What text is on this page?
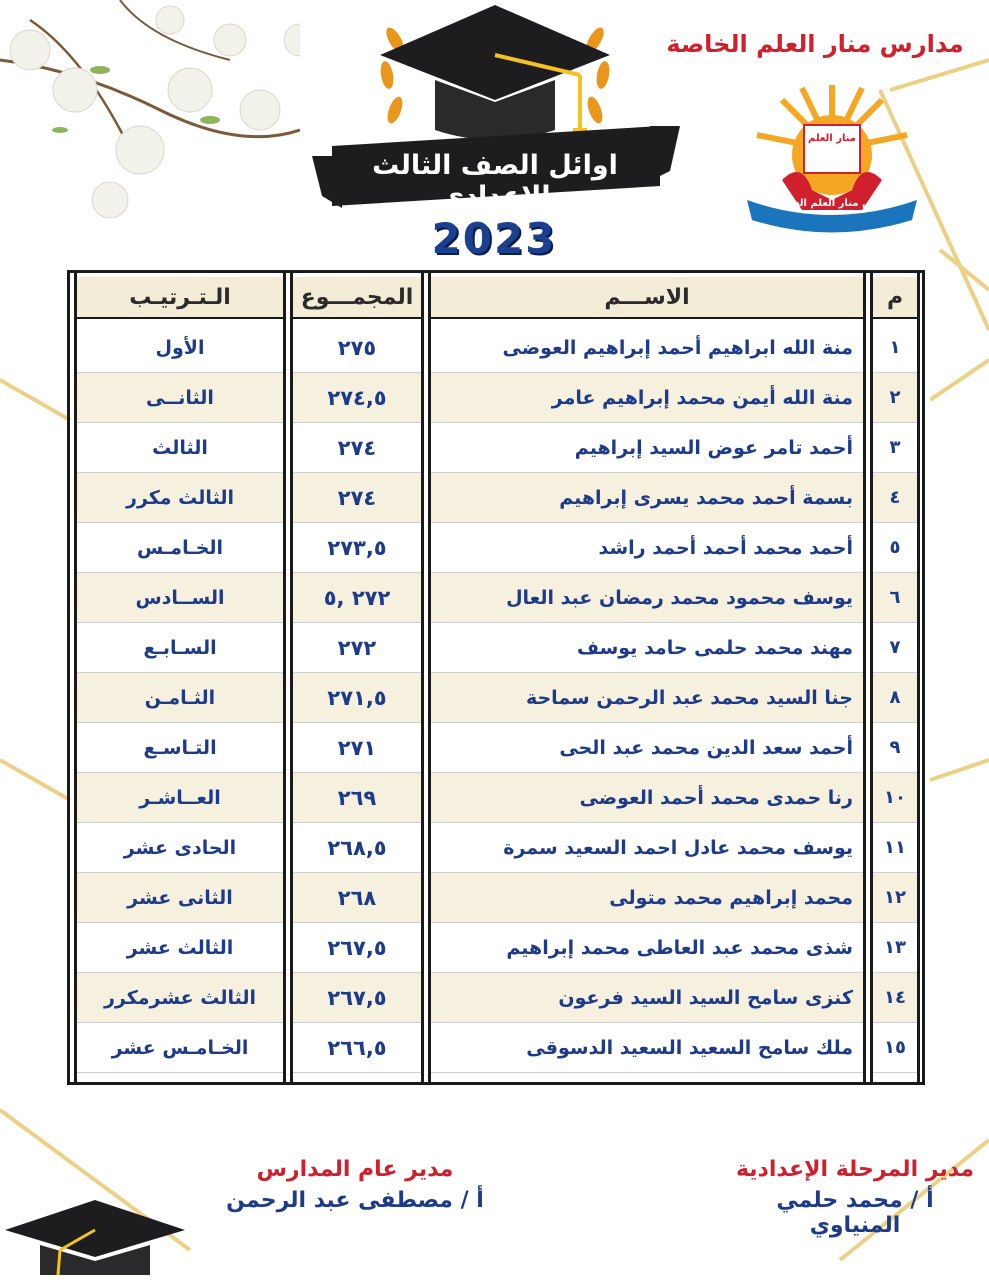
مدارس منار العلم الخاصة
منار العلم
مدارس منار العلم الخاصة
اوائل الصف الثالث الإعدادي
2023
الـتـرتيـب
الأول
الثانــى
الثالث
الثالث مكرر
الخـامـس
الســادس
السـابـع
الثـامـن
التـاسـع
العــاشـر
الحادى عشر
الثانى عشر
الثالث عشر
الثالث عشرمكرر
الخـامـس عشر
المجمـــوع
٢٧٥
٢٧٤,٥
٢٧٤
٢٧٤
٢٧٣,٥
٢٧٢ ,٥
٢٧٢
٢٧١,٥
٢٧١
٢٦٩
٢٦٨,٥
٢٦٨
٢٦٧,٥
٢٦٧,٥
٢٦٦,٥
الاســـم
منة الله ابراهيم أحمد إبراهيم العوضى
منة الله أيمن محمد إبراهيم عامر
أحمد تامر عوض السيد إبراهيم
بسمة أحمد محمد يسرى إبراهيم
أحمد محمد أحمد أحمد راشد
يوسف محمود محمد رمضان عبد العال
مهند محمد حلمى حامد يوسف
جنا السيد محمد عبد الرحمن سماحة
أحمد سعد الدين محمد عبد الحى
رنا حمدى محمد أحمد العوضى
يوسف محمد عادل احمد السعيد سمرة
محمد إبراهيم محمد متولى
شذى محمد عبد العاطى محمد إبراهيم
كنزى سامح السيد السيد فرعون
ملك سامح السعيد السعيد الدسوقى
م
١
٢
٣
٤
٥
٦
٧
٨
٩
١٠
١١
١٢
١٣
١٤
١٥
مدير عام المدارس
أ / مصطفى عبد الرحمن
مدير المرحلة الإعدادية
أ / محمد حلمي المنياوي
